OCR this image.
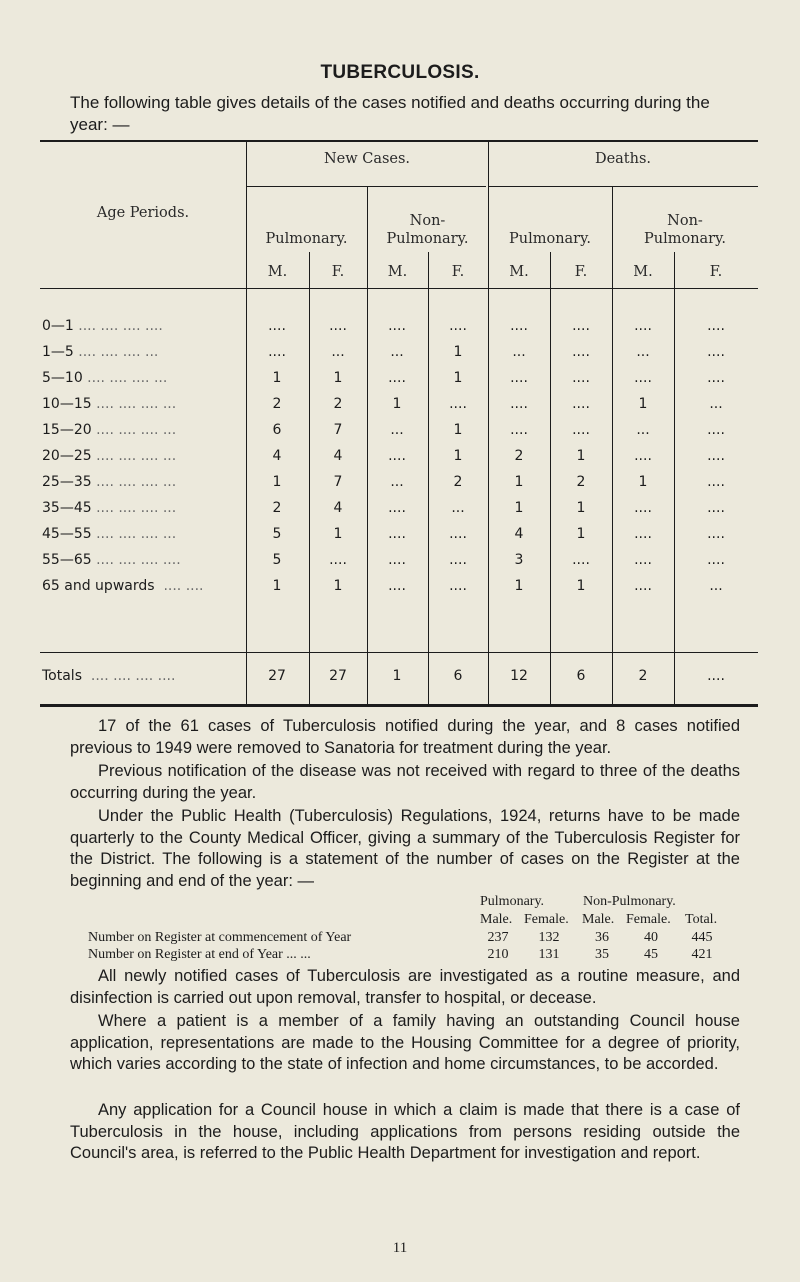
TUBERCULOSIS.

The following table gives details of the cases notified and deaths occurring during the year: —

Age Periods.
New Cases.	Deaths.
Pulmonary.
Non-
Pulmonary.	Pulmonary.
Non-
Pulmonary.
M.	F.	M.	F.	M.	F.	M.	F.
0—1 .... .... .... ....	....	....	....	....	....	....	....	....
1—5 .... .... .... ...	....	...	...	1	...	....	...	....
5—10 .... .... .... ...	1	1	....	1	....	....	....	....
10—15 .... .... .... ...	2	2	1	....	....	....	1	...
15—20 .... .... .... ...	6	7	...	1	....	....	...	....
20—25 .... .... .... ...	4	4	....	1	2	1	....	....
25—35 .... .... .... ...	1	7	...	2	1	2	1	....
35—45 .... .... .... ...	2	4	....	...	1	1	....	....
45—55 .... .... .... ...	5	1	....	....	4	1	....	....
55—65 .... .... .... ....	5	....	....	....	3	....	....	....
65 and upwards  .... ....	1	1	....	....	1	1	....	...
Totals  .... .... .... ....	27	27	1	6	12	6	2	....

17 of the 61 cases of Tuberculosis notified during the year, and 8 cases notified previous to 1949 were removed to Sanatoria for treatment during the year.

Previous notification of the disease was not received with regard to three of the deaths occurring during the year.

Under the Public Health (Tuberculosis) Regulations, 1924, returns have to be made quarterly to the County Medical Officer, giving a summary of the Tuberculosis Register for the District. The following is a statement of the number of cases on the Register at the beginning and end of the year: —

Pulmonary.	Non-Pulmonary.
Male. Female. Male. Female. Total.
Number on Register at commencement of Year	237	132	36	40	445
Number on Register at end of Year ... ...	210	131	35	45	421

All newly notified cases of Tuberculosis are investigated as a routine measure, and disinfection is carried out upon removal, transfer to hospital, or decease.

Where a patient is a member of a family having an outstanding Council house application, representations are made to the Housing Committee for a degree of priority, which varies according to the state of infection and home circumstances, to be accorded.

Any application for a Council house in which a claim is made that there is a case of Tuberculosis in the house, including applications from persons residing outside the Council's area, is referred to the Public Health Department for investigation and report.

11
